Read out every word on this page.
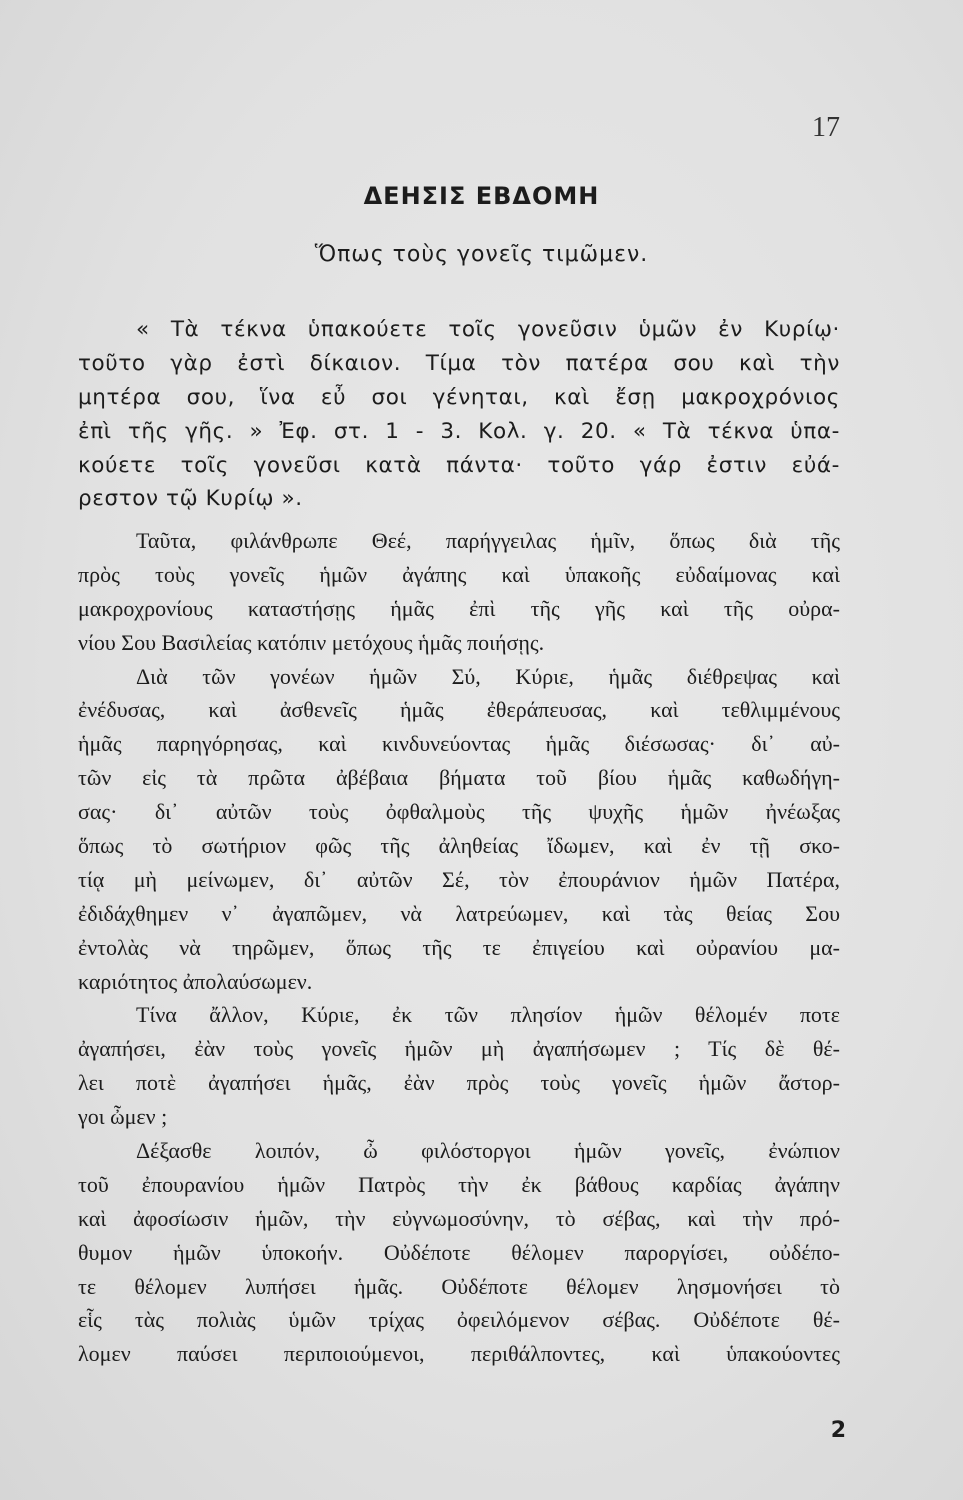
17
ΔΕΗΣΙΣ ΕΒΔΟΜΗ
Ὅπως τοὺς γονεῖς τιμῶμεν.
« Τὰ τέκνα ὑπακούετε τοῖς γονεῦσιν ὑμῶν ἐν Κυρίῳ·
τοῦτο γὰρ ἐστὶ δίκαιον. Τίμα τὸν πατέρα σου καὶ τὴν
μητέρα σου, ἵνα εὖ σοι γένηται, καὶ ἔσῃ μακροχρόνιος
ἐπὶ τῆς γῆς. » Ἐφ. στ. 1 - 3. Κολ. γ. 20. « Τὰ τέκνα ὑπα-
κούετε τοῖς γονεῦσι κατὰ πάντα· τοῦτο γάρ ἐστιν εὐά-
ρεστον τῷ Κυρίῳ ».
Ταῦτα, φιλάνθρωπε Θεέ, παρήγγειλας ἡμῖν, ὅπως διὰ τῆς
πρὸς τοὺς γονεῖς ἡμῶν ἀγάπης καὶ ὑπακοῆς εὐδαίμονας καὶ
μακροχρονίους καταστήσῃς ἡμᾶς ἐπὶ τῆς γῆς καὶ τῆς οὐρα-
νίου Σου Βασιλείας κατόπιν μετόχους ἡμᾶς ποιήσῃς.
Διὰ τῶν γονέων ἡμῶν Σύ, Κύριε, ἡμᾶς διέθρεψας καὶ
ἐνέδυσας, καὶ ἀσθενεῖς ἡμᾶς ἐθεράπευσας, καὶ τεθλιμμένους
ἡμᾶς παρηγόρησας, καὶ κινδυνεύοντας ἡμᾶς διέσωσας· δι᾽ αὐ-
τῶν εἰς τὰ πρῶτα ἀβέβαια βήματα τοῦ βίου ἡμᾶς καθωδήγη-
σας· δι᾽ αὐτῶν τοὺς ὀφθαλμοὺς τῆς ψυχῆς ἡμῶν ἠνέωξας
ὅπως τὸ σωτήριον φῶς τῆς ἀληθείας ἴδωμεν, καὶ ἐν τῇ σκο-
τίᾳ μὴ μείνωμεν, δι᾽ αὐτῶν Σέ, τὸν ἐπουράνιον ἡμῶν Πατέρα,
ἐδιδάχθημεν ν᾽ ἀγαπῶμεν, νὰ λατρεύωμεν, καὶ τὰς θείας Σου
ἐντολὰς νὰ τηρῶμεν, ὅπως τῆς τε ἐπιγείου καὶ οὐρανίου μα-
καριότητος ἀπολαύσωμεν.
Τίνα ἄλλον, Κύριε, ἐκ τῶν πλησίον ἡμῶν θέλομέν ποτε
ἀγαπήσει, ἐὰν τοὺς γονεῖς ἡμῶν μὴ ἀγαπήσωμεν ; Τίς δὲ θέ-
λει ποτὲ ἀγαπήσει ἡμᾶς, ἐὰν πρὸς τοὺς γονεῖς ἡμῶν ἄστορ-
γοι ὦμεν ;
Δέξασθε λοιπόν, ὦ φιλόστοργοι ἡμῶν γονεῖς, ἐνώπιον
τοῦ ἐπουρανίου ἡμῶν Πατρὸς τὴν ἐκ βάθους καρδίας ἀγάπην
καὶ ἀφοσίωσιν ἡμῶν, τὴν εὐγνωμοσύνην, τὸ σέβας, καὶ τὴν πρό-
θυμον ἡμῶν ὑποκοήν. Οὐδέποτε θέλομεν παροργίσει, οὐδέπο-
τε θέλομεν λυπήσει ἡμᾶς. Οὐδέποτε θέλομεν λησμονήσει τὸ
εἷς τὰς πολιὰς ὑμῶν τρίχας ὀφειλόμενον σέβας. Οὐδέποτε θέ-
λομεν παύσει περιποιούμενοι, περιθάλποντες, καὶ ὑπακούοντες
2
